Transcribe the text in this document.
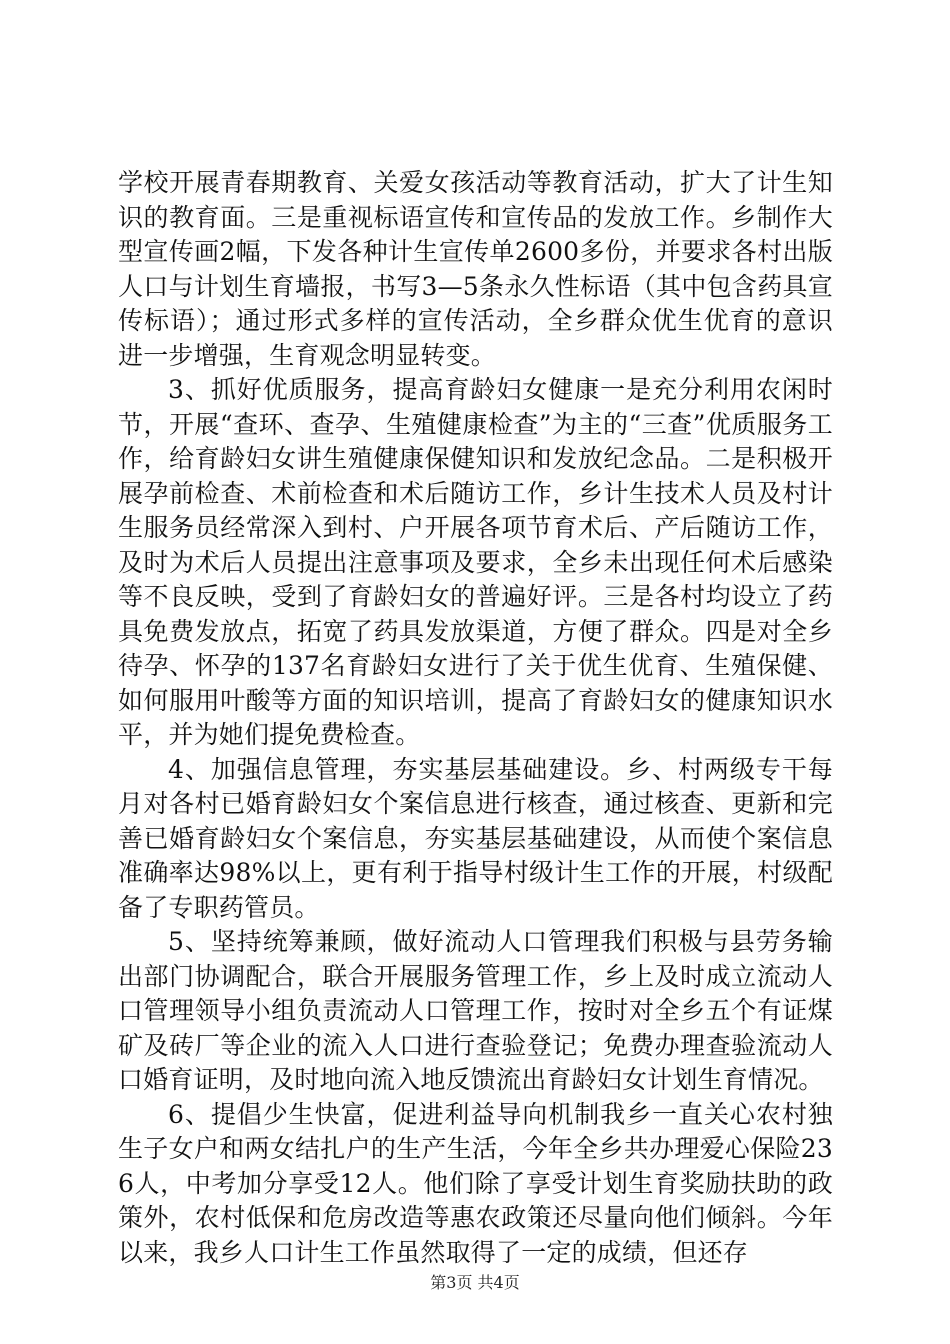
学校开展青春期教育、关爱女孩活动等教育活动，扩大了计生知识的教育面。三是重视标语宣传和宣传品的发放工作。乡制作大型宣传画2幅，下发各种计生宣传单2600多份，并要求各村出版人口与计划生育墙报，书写3—5条永久性标语（其中包含药具宣传标语）；通过形式多样的宣传活动，全乡群众优生优育的意识进一步增强，生育观念明显转变。

3、抓好优质服务，提高育龄妇女健康一是充分利用农闲时节，开展“查环、查孕、生殖健康检查”为主的“三查”优质服务工作，给育龄妇女讲生殖健康保健知识和发放纪念品。二是积极开展孕前检查、术前检查和术后随访工作，乡计生技术人员及村计生服务员经常深入到村、户开展各项节育术后、产后随访工作，及时为术后人员提出注意事项及要求，全乡未出现任何术后感染等不良反映，受到了育龄妇女的普遍好评。三是各村均设立了药具免费发放点，拓宽了药具发放渠道，方便了群众。四是对全乡待孕、怀孕的137名育龄妇女进行了关于优生优育、生殖保健、如何服用叶酸等方面的知识培训，提高了育龄妇女的健康知识水平，并为她们提免费检查。

4、加强信息管理，夯实基层基础建设。乡、村两级专干每月对各村已婚育龄妇女个案信息进行核查，通过核查、更新和完善已婚育龄妇女个案信息，夯实基层基础建设，从而使个案信息准确率达98%以上，更有利于指导村级计生工作的开展，村级配备了专职药管员。

5、坚持统筹兼顾，做好流动人口管理我们积极与县劳务输出部门协调配合，联合开展服务管理工作，乡上及时成立流动人口管理领导小组负责流动人口管理工作，按时对全乡五个有证煤矿及砖厂等企业的流入人口进行查验登记；免费办理查验流动人口婚育证明，及时地向流入地反馈流出育龄妇女计划生育情况。

6、提倡少生快富，促进利益导向机制我乡一直关心农村独生子女户和两女结扎户的生产生活，今年全乡共办理爱心保险236人，中考加分享受12人。他们除了享受计划生育奖励扶助的政策外，农村低保和危房改造等惠农政策还尽量向他们倾斜。今年以来，我乡人口计生工作虽然取得了一定的成绩，但还存

第3页 共4页
